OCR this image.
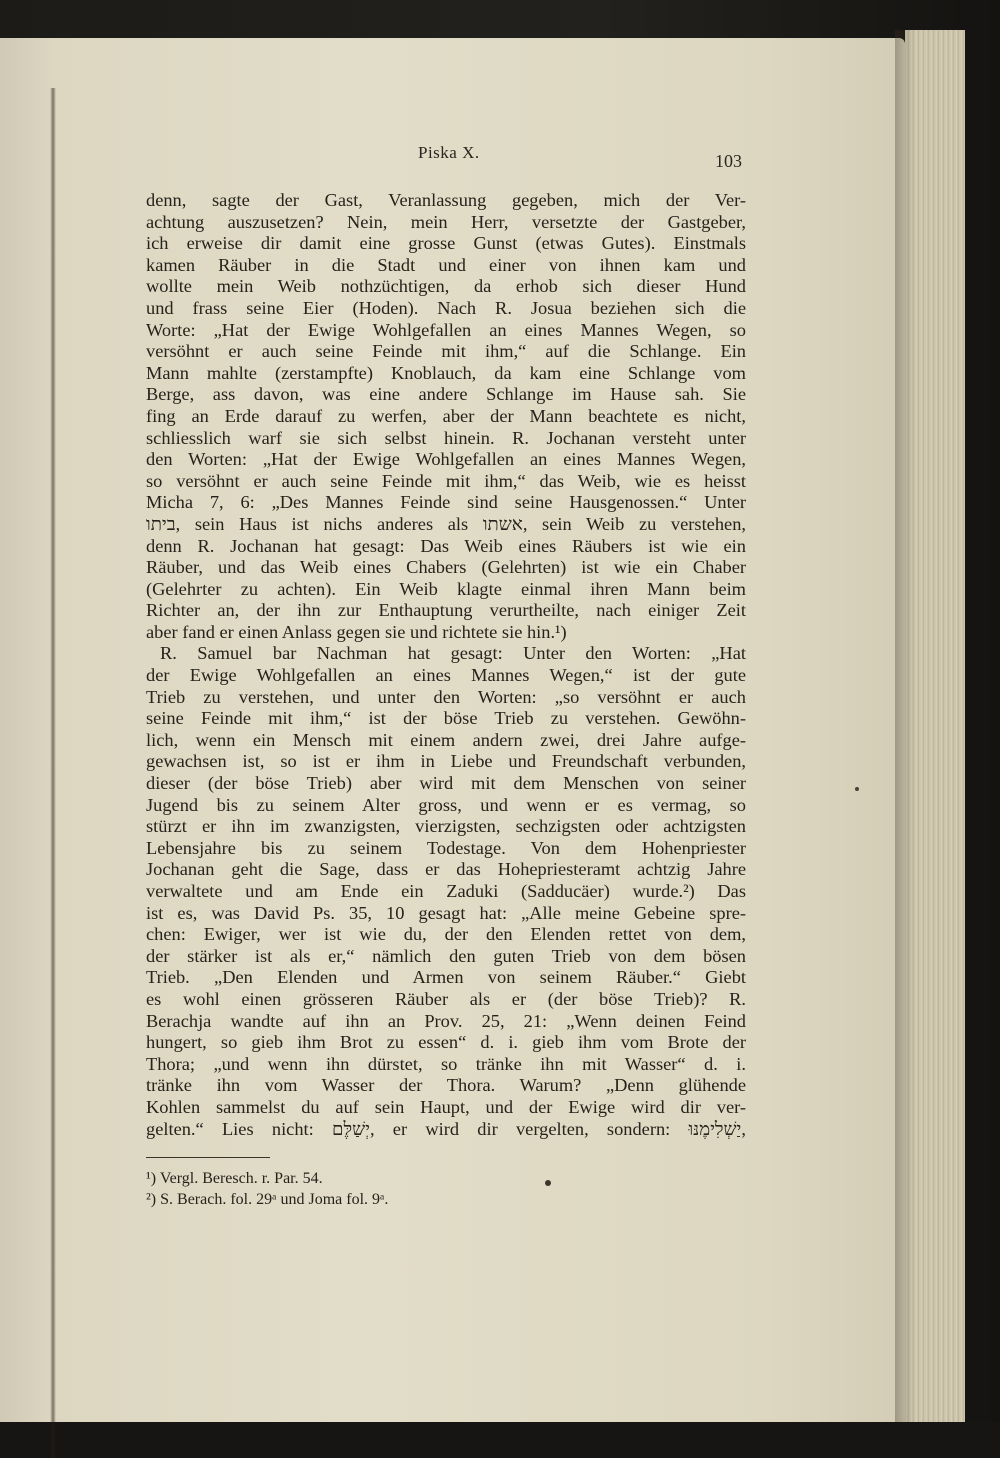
Piska X.	103
denn, sagte der Gast, Veranlassung gegeben, mich der Ver-
achtung auszusetzen? Nein, mein Herr, versetzte der Gastgeber,
ich erweise dir damit eine grosse Gunst (etwas Gutes). Einstmals
kamen Räuber in die Stadt und einer von ihnen kam und
wollte mein Weib nothzüchtigen, da erhob sich dieser Hund
und frass seine Eier (Hoden). Nach R. Josua beziehen sich die
Worte: „Hat der Ewige Wohlgefallen an eines Mannes Wegen, so
versöhnt er auch seine Feinde mit ihm,“ auf die Schlange. Ein
Mann mahlte (zerstampfte) Knoblauch, da kam eine Schlange vom
Berge, ass davon, was eine andere Schlange im Hause sah. Sie
fing an Erde darauf zu werfen, aber der Mann beachtete es nicht,
schliesslich warf sie sich selbst hinein. R. Jochanan versteht unter
den Worten: „Hat der Ewige Wohlgefallen an eines Mannes Wegen,
so versöhnt er auch seine Feinde mit ihm,“ das Weib, wie es heisst
Micha 7, 6: „Des Mannes Feinde sind seine Hausgenossen.“ Unter
ביתו, sein Haus ist nichs anderes als אשתו, sein Weib zu verstehen,
denn R. Jochanan hat gesagt: Das Weib eines Räubers ist wie ein
Räuber, und das Weib eines Chabers (Gelehrten) ist wie ein Chaber
(Gelehrter zu achten). Ein Weib klagte einmal ihren Mann beim
Richter an, der ihn zur Enthauptung verurtheilte, nach einiger Zeit
aber fand er einen Anlass gegen sie und richtete sie hin.¹)
R. Samuel bar Nachman hat gesagt: Unter den Worten: „Hat
der Ewige Wohlgefallen an eines Mannes Wegen,“ ist der gute
Trieb zu verstehen, und unter den Worten: „so versöhnt er auch
seine Feinde mit ihm,“ ist der böse Trieb zu verstehen. Gewöhn-
lich, wenn ein Mensch mit einem andern zwei, drei Jahre aufge-
gewachsen ist, so ist er ihm in Liebe und Freundschaft verbunden,
dieser (der böse Trieb) aber wird mit dem Menschen von seiner
Jugend bis zu seinem Alter gross, und wenn er es vermag, so
stürzt er ihn im zwanzigsten, vierzigsten, sechzigsten oder achtzigsten
Lebensjahre bis zu seinem Todestage. Von dem Hohenpriester
Jochanan geht die Sage, dass er das Hohepriesteramt achtzig Jahre
verwaltete und am Ende ein Zaduki (Sadducäer) wurde.²) Das
ist es, was David Ps. 35, 10 gesagt hat: „Alle meine Gebeine spre-
chen: Ewiger, wer ist wie du, der den Elenden rettet von dem,
der stärker ist als er,“ nämlich den guten Trieb von dem bösen
Trieb. „Den Elenden und Armen von seinem Räuber.“ Giebt
es wohl einen grösseren Räuber als er (der böse Trieb)? R.
Berachja wandte auf ihn an Prov. 25, 21: „Wenn deinen Feind
hungert, so gieb ihm Brot zu essen“ d. i. gieb ihm vom Brote der
Thora; „und wenn ihn dürstet, so tränke ihn mit Wasser“ d. i.
tränke ihn vom Wasser der Thora. Warum? „Denn glühende
Kohlen sammelst du auf sein Haupt, und der Ewige wird dir ver-
gelten.“ Lies nicht: יְשַׁלֶּם, er wird dir vergelten, sondern: יַשְׁלִימֶנּוּ,
¹) Vergl. Beresch. r. Par. 54.
²) S. Berach. fol. 29ᵃ und Joma fol. 9ᵃ.
